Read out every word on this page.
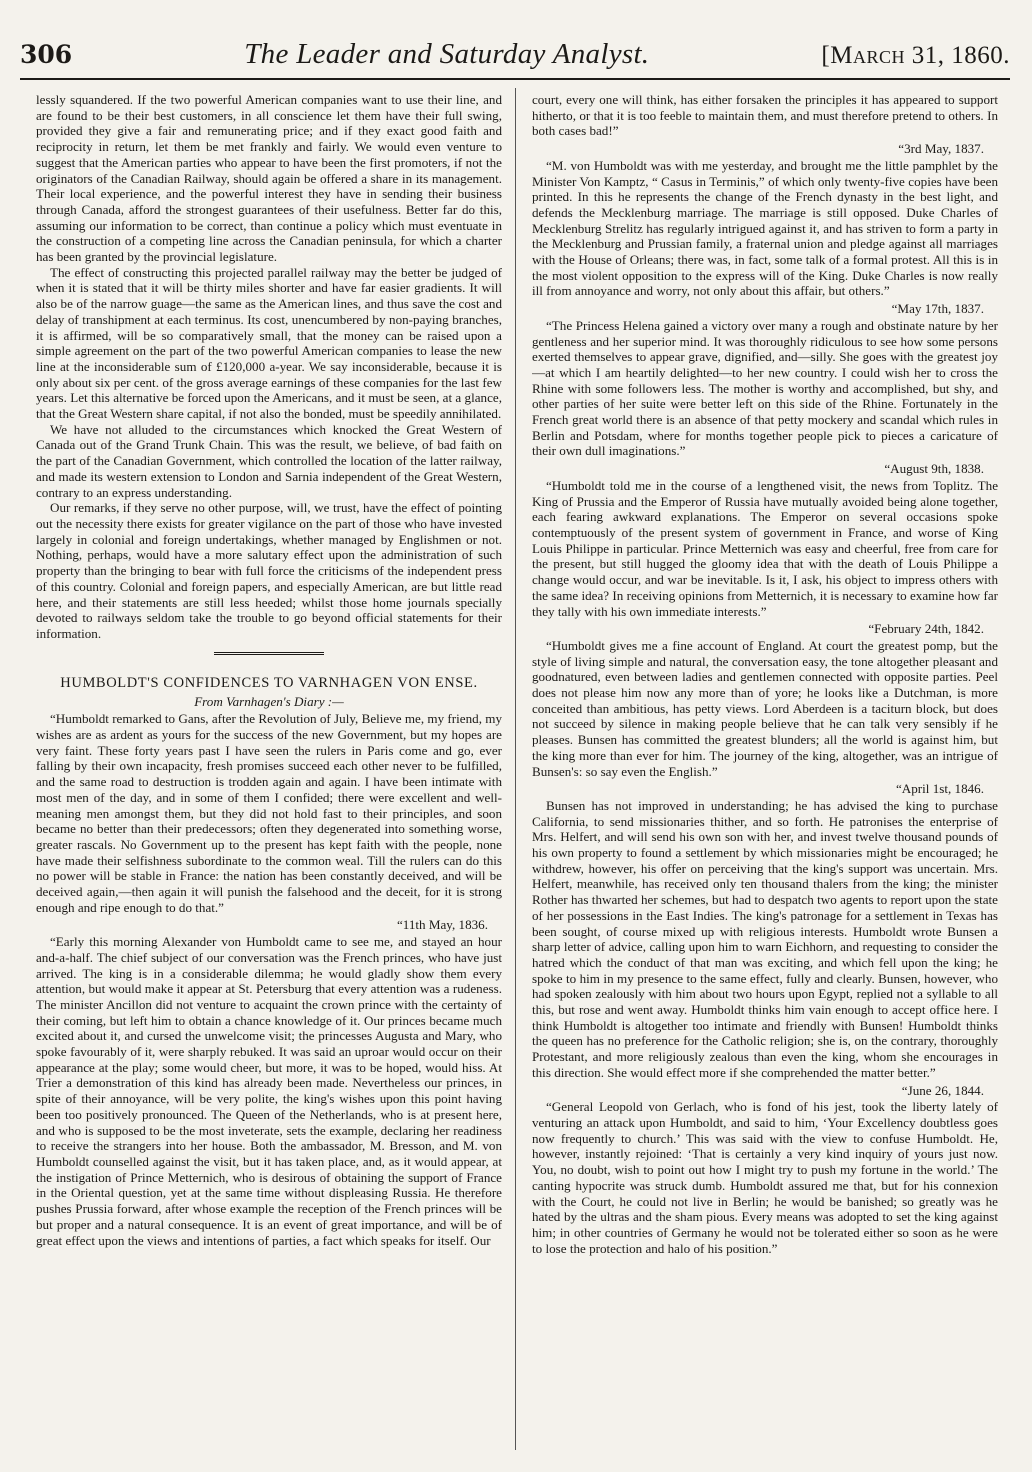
306	The Leader and Saturday Analyst.	[March 31, 1860.

lessly squandered. If the two powerful American companies want to use their line, and are found to be their best customers, in all conscience let them have their full swing, provided they give a fair and remunerating price; and if they exact good faith and reciprocity in return, let them be met frankly and fairly. We would even venture to suggest that the American parties who appear to have been the first promoters, if not the originators of the Canadian Railway, should again be offered a share in its management. Their local experience, and the powerful interest they have in sending their business through Canada, afford the strongest guarantees of their usefulness. Better far do this, assuming our information to be correct, than continue a policy which must eventuate in the construction of a competing line across the Canadian peninsula, for which a charter has been granted by the provincial legislature.

The effect of constructing this projected parallel railway may the better be judged of when it is stated that it will be thirty miles shorter and have far easier gradients. It will also be of the narrow guage—the same as the American lines, and thus save the cost and delay of transhipment at each terminus. Its cost, unencumbered by non-paying branches, it is affirmed, will be so comparatively small, that the money can be raised upon a simple agreement on the part of the two powerful American companies to lease the new line at the inconsiderable sum of £120,000 a-year. We say inconsiderable, because it is only about six per cent. of the gross average earnings of these companies for the last few years. Let this alternative be forced upon the Americans, and it must be seen, at a glance, that the Great Western share capital, if not also the bonded, must be speedily annihilated.

We have not alluded to the circumstances which knocked the Great Western of Canada out of the Grand Trunk Chain. This was the result, we believe, of bad faith on the part of the Canadian Government, which controlled the location of the latter railway, and made its western extension to London and Sarnia independent of the Great Western, contrary to an express understanding.

Our remarks, if they serve no other purpose, will, we trust, have the effect of pointing out the necessity there exists for greater vigilance on the part of those who have invested largely in colonial and foreign undertakings, whether managed by Englishmen or not. Nothing, perhaps, would have a more salutary effect upon the administration of such property than the bringing to bear with full force the criticisms of the independent press of this country. Colonial and foreign papers, and especially American, are but little read here, and their statements are still less heeded; whilst those home journals specially devoted to railways seldom take the trouble to go beyond official statements for their information.

HUMBOLDT'S CONFIDENCES TO VARNHAGEN VON ENSE.
From Varnhagen's Diary :—

“Humboldt remarked to Gans, after the Revolution of July, Believe me, my friend, my wishes are as ardent as yours for the success of the new Government, but my hopes are very faint. These forty years past I have seen the rulers in Paris come and go, ever falling by their own incapacity, fresh promises succeed each other never to be fulfilled, and the same road to destruction is trodden again and again. I have been intimate with most men of the day, and in some of them I confided; there were excellent and well-meaning men amongst them, but they did not hold fast to their principles, and soon became no better than their predecessors; often they degenerated into something worse, greater rascals. No Government up to the present has kept faith with the people, none have made their selfishness subordinate to the common weal. Till the rulers can do this no power will be stable in France: the nation has been constantly deceived, and will be deceived again,—then again it will punish the falsehood and the deceit, for it is strong enough and ripe enough to do that.”

“11th May, 1836.

“Early this morning Alexander von Humboldt came to see me, and stayed an hour and-a-half. The chief subject of our conversation was the French princes, who have just arrived. The king is in a considerable dilemma; he would gladly show them every attention, but would make it appear at St. Petersburg that every attention was a rudeness. The minister Ancillon did not venture to acquaint the crown prince with the certainty of their coming, but left him to obtain a chance knowledge of it. Our princes became much excited about it, and cursed the unwelcome visit; the princesses Augusta and Mary, who spoke favourably of it, were sharply rebuked. It was said an uproar would occur on their appearance at the play; some would cheer, but more, it was to be hoped, would hiss. At Trier a demonstration of this kind has already been made. Nevertheless our princes, in spite of their annoyance, will be very polite, the king's wishes upon this point having been too positively pronounced. The Queen of the Netherlands, who is at present here, and who is supposed to be the most inveterate, sets the example, declaring her readiness to receive the strangers into her house. Both the ambassador, M. Bresson, and M. von Humboldt counselled against the visit, but it has taken place, and, as it would appear, at the instigation of Prince Metternich, who is desirous of obtaining the support of France in the Oriental question, yet at the same time without displeasing Russia. He therefore pushes Prussia forward, after whose example the reception of the French princes will be but proper and a natural consequence. It is an event of great importance, and will be of great effect upon the views and intentions of parties, a fact which speaks for itself. Our

court, every one will think, has either forsaken the principles it has appeared to support hitherto, or that it is too feeble to maintain them, and must therefore pretend to others. In both cases bad!”

“3rd May, 1837.

“M. von Humboldt was with me yesterday, and brought me the little pamphlet by the Minister Von Kamptz, “ Casus in Terminis,” of which only twenty-five copies have been printed. In this he represents the change of the French dynasty in the best light, and defends the Mecklenburg marriage. The marriage is still opposed. Duke Charles of Mecklenburg Strelitz has regularly intrigued against it, and has striven to form a party in the Mecklenburg and Prussian family, a fraternal union and pledge against all marriages with the House of Orleans; there was, in fact, some talk of a formal protest. All this is in the most violent opposition to the express will of the King. Duke Charles is now really ill from annoyance and worry, not only about this affair, but others.”

“May 17th, 1837.

“The Princess Helena gained a victory over many a rough and obstinate nature by her gentleness and her superior mind. It was thoroughly ridiculous to see how some persons exerted themselves to appear grave, dignified, and—silly. She goes with the greatest joy—at which I am heartily delighted—to her new country. I could wish her to cross the Rhine with some followers less. The mother is worthy and accomplished, but shy, and other parties of her suite were better left on this side of the Rhine. Fortunately in the French great world there is an absence of that petty mockery and scandal which rules in Berlin and Potsdam, where for months together people pick to pieces a caricature of their own dull imaginations.”

“August 9th, 1838.

“Humboldt told me in the course of a lengthened visit, the news from Toplitz. The King of Prussia and the Emperor of Russia have mutually avoided being alone together, each fearing awkward explanations. The Emperor on several occasions spoke contemptuously of the present system of government in France, and worse of King Louis Philippe in particular. Prince Metternich was easy and cheerful, free from care for the present, but still hugged the gloomy idea that with the death of Louis Philippe a change would occur, and war be inevitable. Is it, I ask, his object to impress others with the same idea? In receiving opinions from Metternich, it is necessary to examine how far they tally with his own immediate interests.”

“February 24th, 1842.

“Humboldt gives me a fine account of England. At court the greatest pomp, but the style of living simple and natural, the conversation easy, the tone altogether pleasant and goodnatured, even between ladies and gentlemen connected with opposite parties. Peel does not please him now any more than of yore; he looks like a Dutchman, is more conceited than ambitious, has petty views. Lord Aberdeen is a taciturn block, but does not succeed by silence in making people believe that he can talk very sensibly if he pleases. Bunsen has committed the greatest blunders; all the world is against him, but the king more than ever for him. The journey of the king, altogether, was an intrigue of Bunsen's: so say even the English.”

“April 1st, 1846.

Bunsen has not improved in understanding; he has advised the king to purchase California, to send missionaries thither, and so forth. He patronises the enterprise of Mrs. Helfert, and will send his own son with her, and invest twelve thousand pounds of his own property to found a settlement by which missionaries might be encouraged; he withdrew, however, his offer on perceiving that the king's support was uncertain. Mrs. Helfert, meanwhile, has received only ten thousand thalers from the king; the minister Rother has thwarted her schemes, but had to despatch two agents to report upon the state of her possessions in the East Indies. The king's patronage for a settlement in Texas has been sought, of course mixed up with religious interests. Humboldt wrote Bunsen a sharp letter of advice, calling upon him to warn Eichhorn, and requesting to consider the hatred which the conduct of that man was exciting, and which fell upon the king; he spoke to him in my presence to the same effect, fully and clearly. Bunsen, however, who had spoken zealously with him about two hours upon Egypt, replied not a syllable to all this, but rose and went away. Humboldt thinks him vain enough to accept office here. I think Humboldt is altogether too intimate and friendly with Bunsen! Humboldt thinks the queen has no preference for the Catholic religion; she is, on the contrary, thoroughly Protestant, and more religiously zealous than even the king, whom she encourages in this direction. She would effect more if she comprehended the matter better.”

“June 26, 1844.

“General Leopold von Gerlach, who is fond of his jest, took the liberty lately of venturing an attack upon Humboldt, and said to him, ‘Your Excellency doubtless goes now frequently to church.’ This was said with the view to confuse Humboldt. He, however, instantly rejoined: ‘That is certainly a very kind inquiry of yours just now. You, no doubt, wish to point out how I might try to push my fortune in the world.’ The canting hypocrite was struck dumb. Humboldt assured me that, but for his connexion with the Court, he could not live in Berlin; he would be banished; so greatly was he hated by the ultras and the sham pious. Every means was adopted to set the king against him; in other countries of Germany he would not be tolerated either so soon as he were to lose the protection and halo of his position.”
